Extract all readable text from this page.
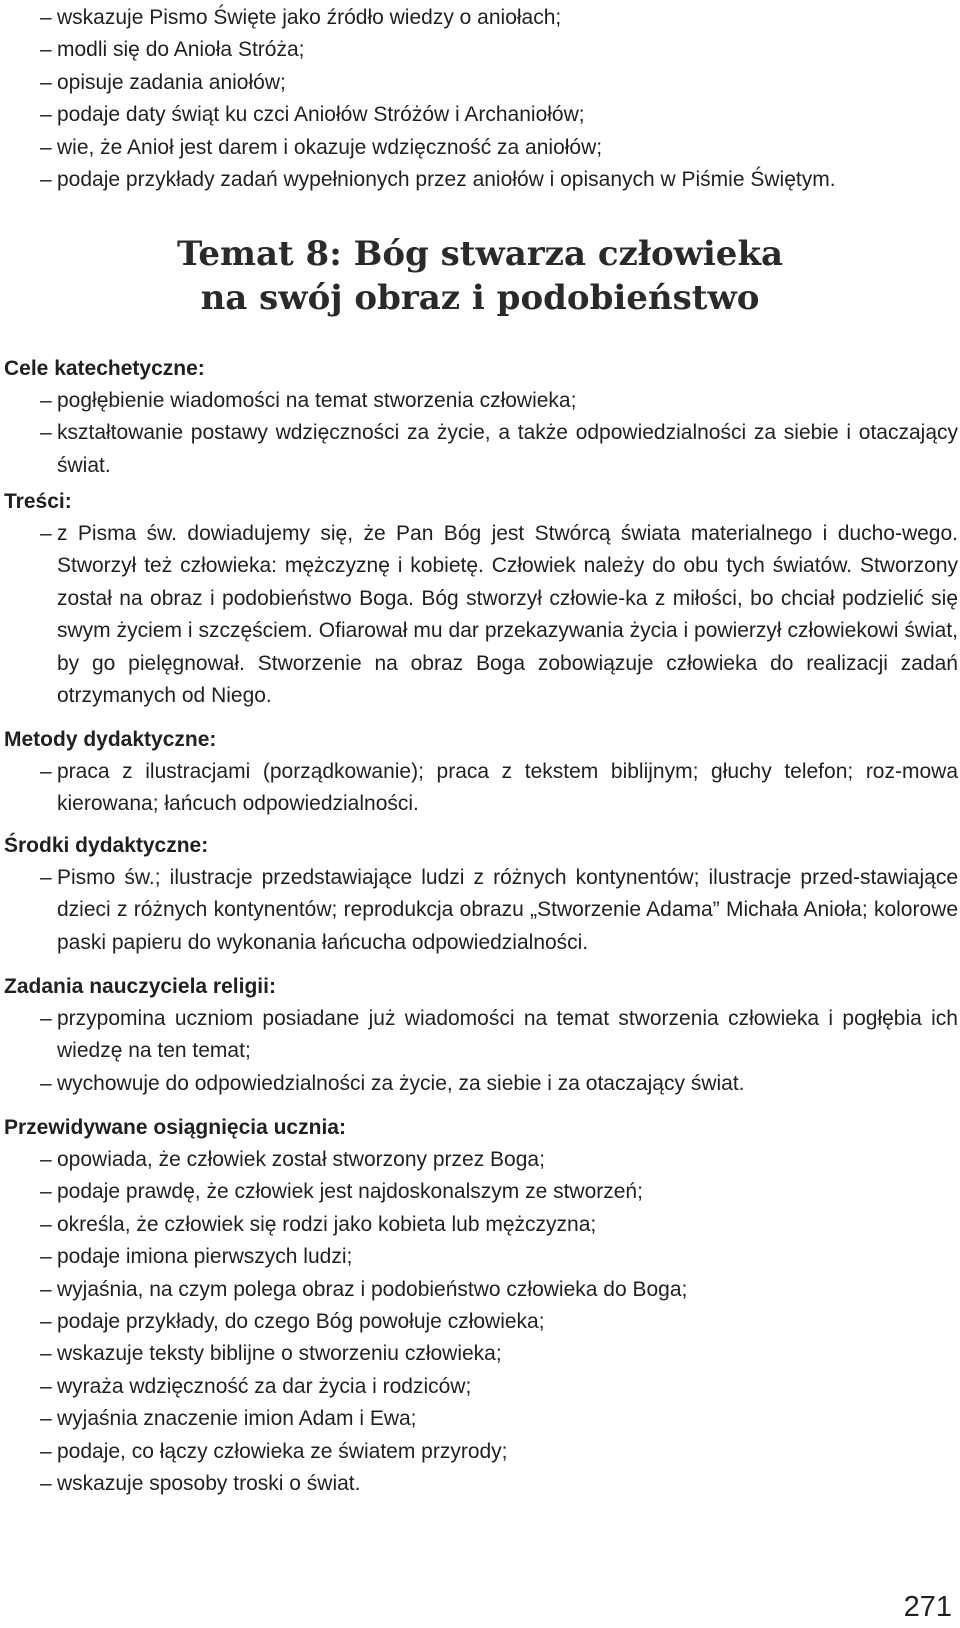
– wskazuje Pismo Święte jako źródło wiedzy o aniołach;
– modli się do Anioła Stróża;
– opisuje zadania aniołów;
– podaje daty świąt ku czci Aniołów Stróżów i Archaniołów;
– wie, że Anioł jest darem i okazuje wdzięczność za aniołów;
– podaje przykłady zadań wypełnionych przez aniołów i opisanych w Piśmie Świętym.
Temat 8: Bóg stwarza człowieka
na swój obraz i podobieństwo
Cele katechetyczne:
– pogłębienie wiadomości na temat stworzenia człowieka;
– kształtowanie postawy wdzięczności za życie, a także odpowiedzialności za siebie i otaczający świat.
Treści:
– z Pisma św. dowiadujemy się, że Pan Bóg jest Stwórcą świata materialnego i ducho-wego. Stworzył też człowieka: mężczyznę i kobietę. Człowiek należy do obu tych światów. Stworzony został na obraz i podobieństwo Boga. Bóg stworzył człowie-ka z miłości, bo chciał podzielić się swym życiem i szczęściem. Ofiarował mu dar przekazywania życia i powierzył człowiekowi świat, by go pielęgnował. Stworzenie na obraz Boga zobowiązuje człowieka do realizacji zadań otrzymanych od Niego.
Metody dydaktyczne:
– praca z ilustracjami (porządkowanie); praca z tekstem biblijnym; głuchy telefon; roz-mowa kierowana; łańcuch odpowiedzialności.
Środki dydaktyczne:
– Pismo św.; ilustracje przedstawiające ludzi z różnych kontynentów; ilustracje przed-stawiające dzieci z różnych kontynentów; reprodukcja obrazu „Stworzenie Adama” Michała Anioła; kolorowe paski papieru do wykonania łańcucha odpowiedzialności.
Zadania nauczyciela religii:
– przypomina uczniom posiadane już wiadomości na temat stworzenia człowieka i pogłębia ich wiedzę na ten temat;
– wychowuje do odpowiedzialności za życie, za siebie i za otaczający świat.
Przewidywane osiągnięcia ucznia:
– opowiada, że człowiek został stworzony przez Boga;
– podaje prawdę, że człowiek jest najdoskonalszym ze stworzeń;
– określa, że człowiek się rodzi jako kobieta lub mężczyzna;
– podaje imiona pierwszych ludzi;
– wyjaśnia, na czym polega obraz i podobieństwo człowieka do Boga;
– podaje przykłady, do czego Bóg powołuje człowieka;
– wskazuje teksty biblijne o stworzeniu człowieka;
– wyraża wdzięczność za dar życia i rodziców;
– wyjaśnia znaczenie imion Adam i Ewa;
– podaje, co łączy człowieka ze światem przyrody;
– wskazuje sposoby troski o świat.
271
